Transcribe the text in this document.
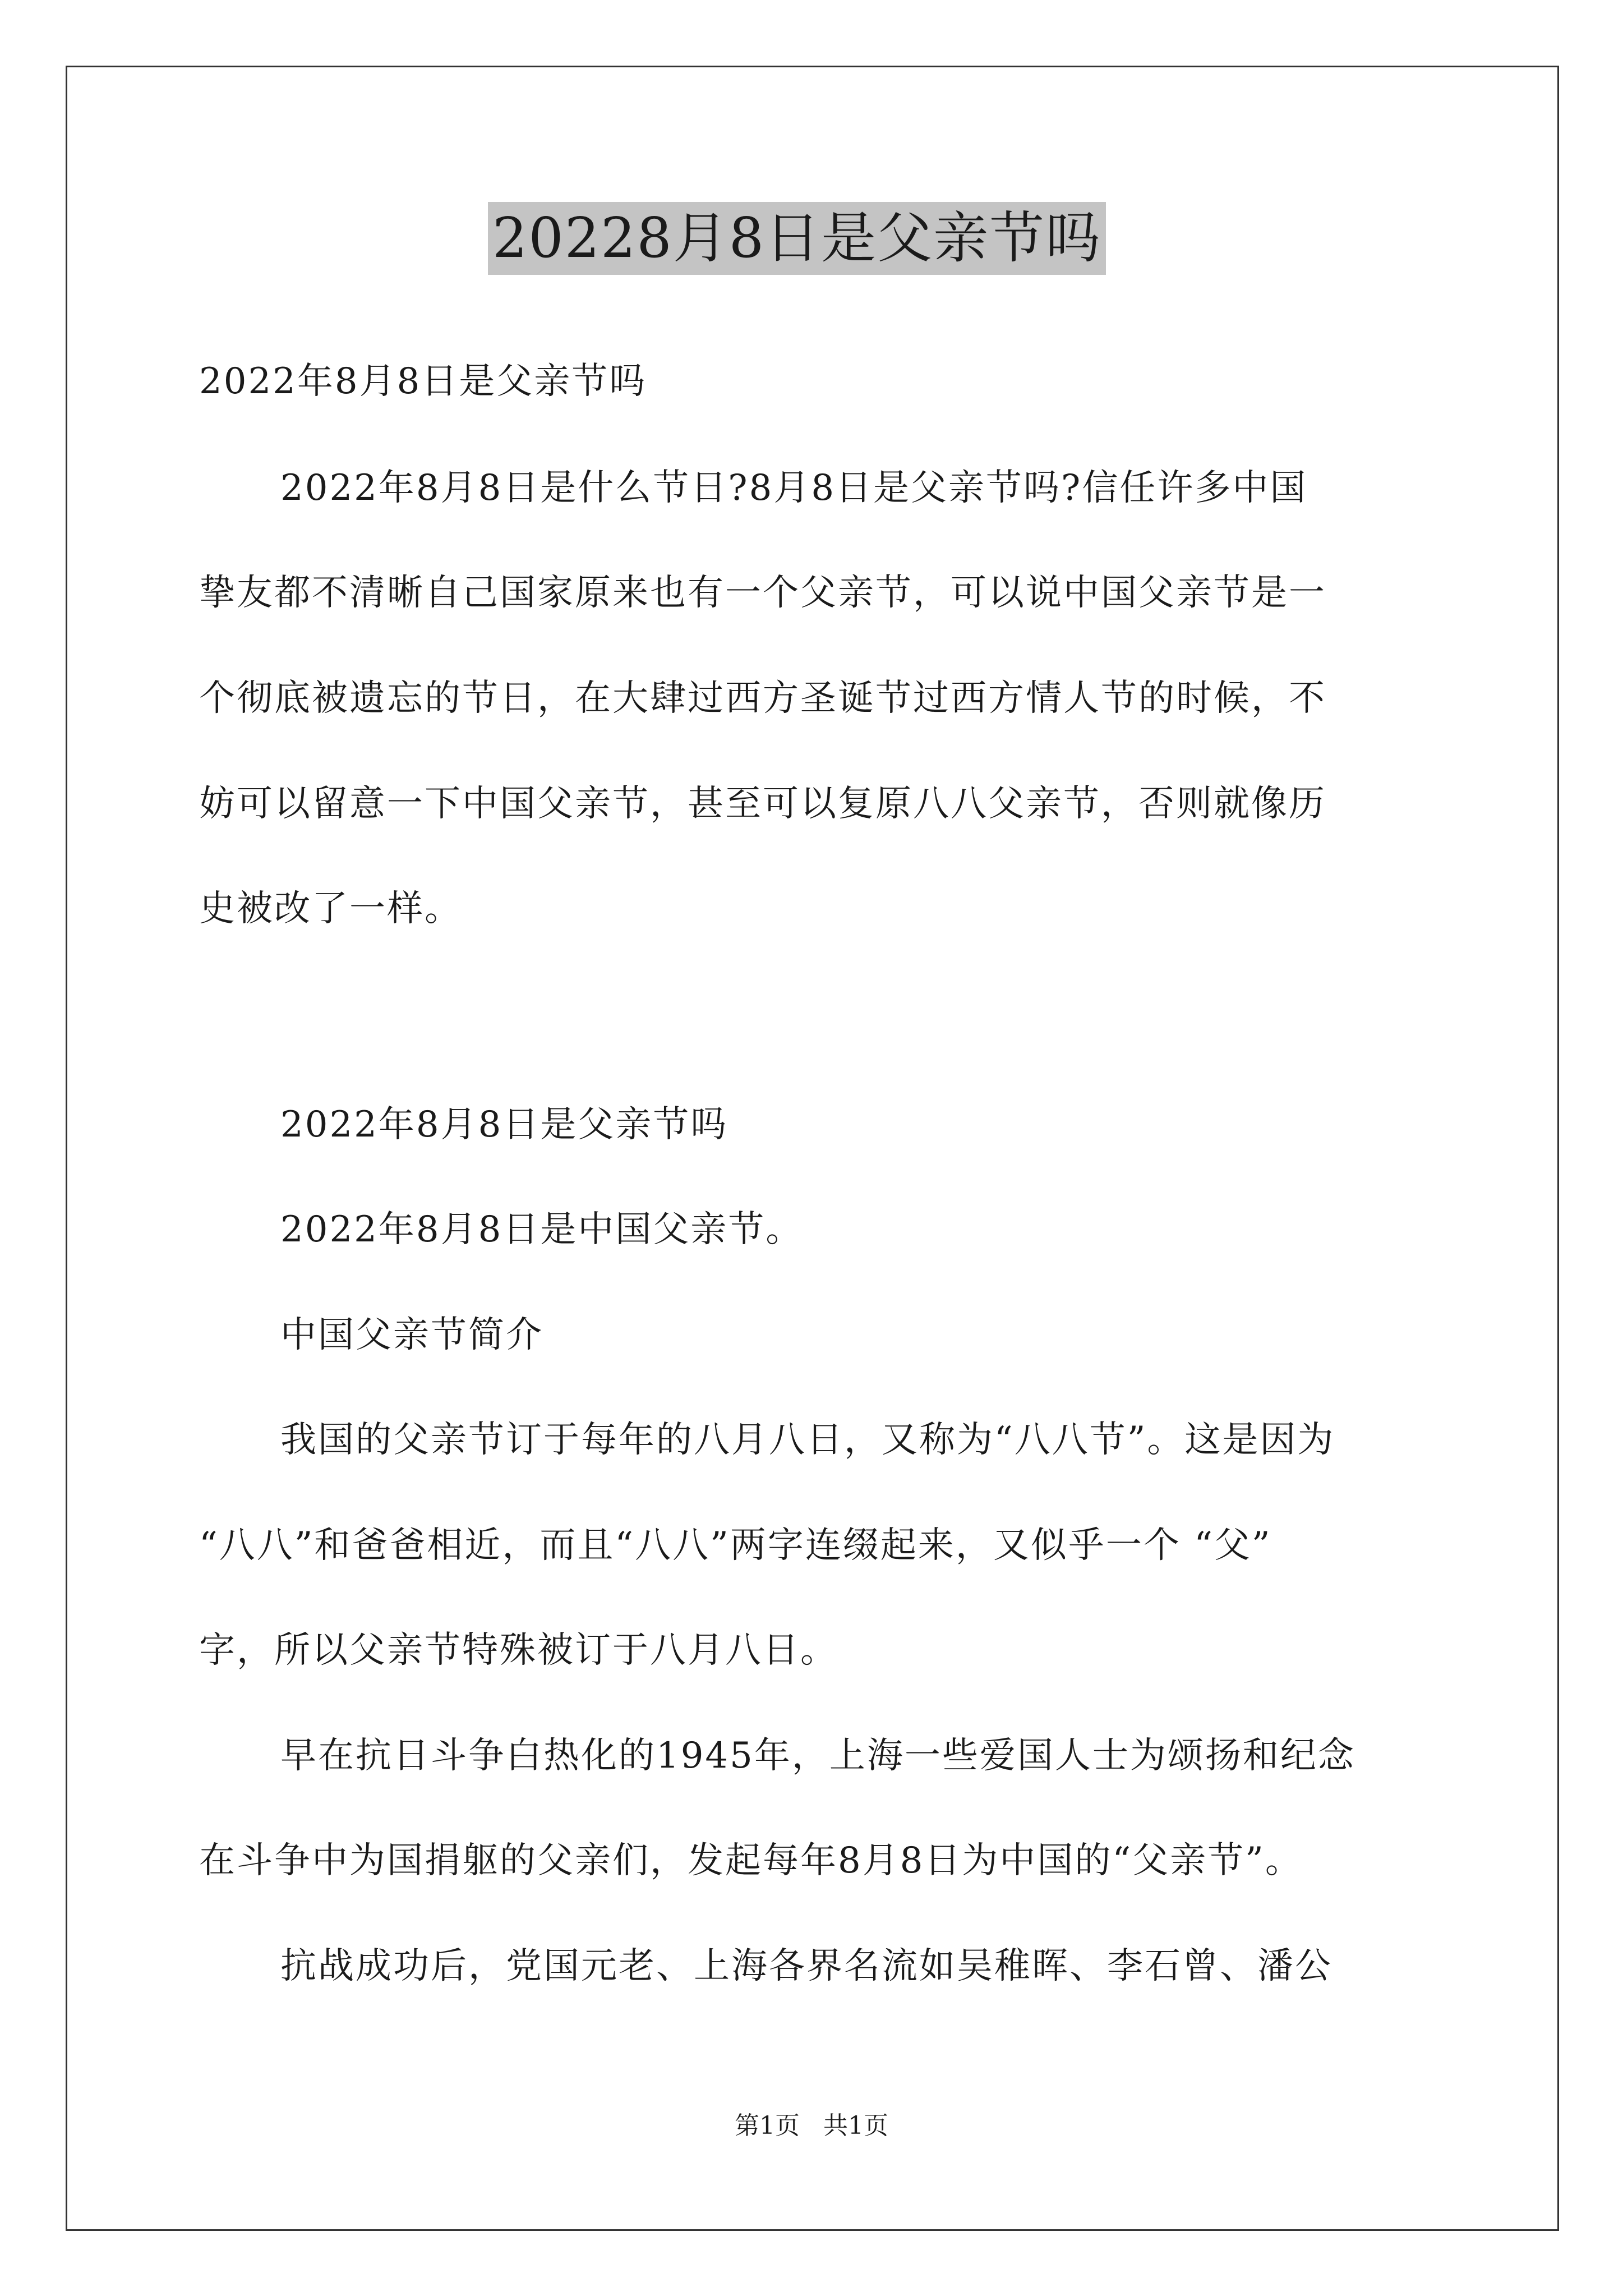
20228月8日是父亲节吗
2022年8月8日是父亲节吗
2022年8月8日是什么节日?8月8日是父亲节吗?信任许多中国
挚友都不清晰自己国家原来也有一个父亲节，可以说中国父亲节是一
个彻底被遗忘的节日，在大肆过西方圣诞节过西方情人节的时候，不
妨可以留意一下中国父亲节，甚至可以复原八八父亲节，否则就像历
史被改了一样。
2022年8月8日是父亲节吗
2022年8月8日是中国父亲节。
中国父亲节简介
我国的父亲节订于每年的八月八日，又称为“八八节”。这是因为
“八八”和爸爸相近，而且“八八”两字连缀起来，又似乎一个 “父”
字，所以父亲节特殊被订于八月八日。
早在抗日斗争白热化的1945年，上海一些爱国人士为颂扬和纪念
在斗争中为国捐躯的父亲们，发起每年8月8日为中国的“父亲节”。
抗战成功后，党国元老、上海各界名流如吴稚晖、李石曾、潘公
第1页   共1页
